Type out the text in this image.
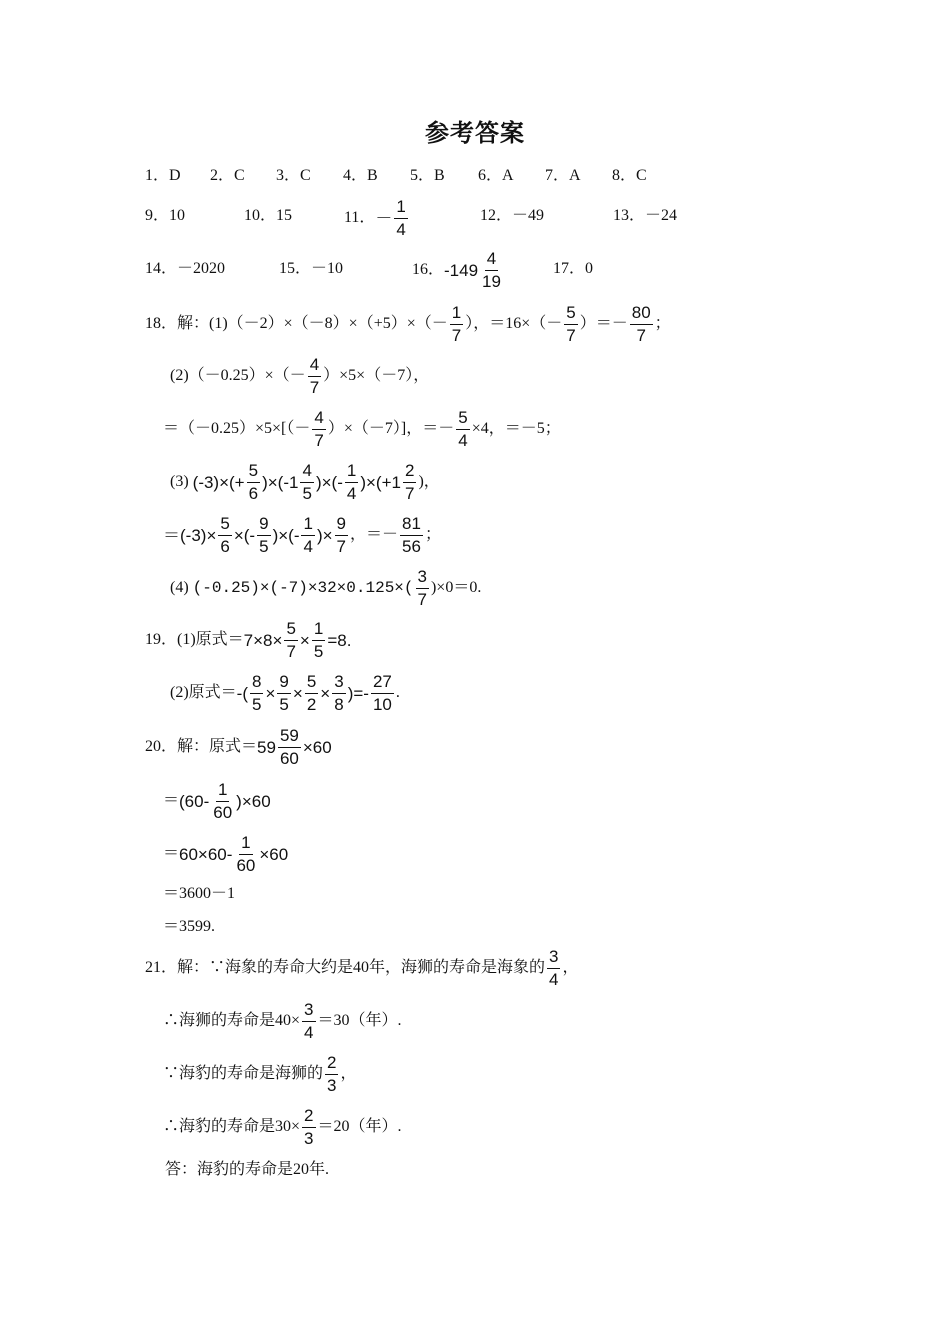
参考答案
1．D 2．C 3．C 4．B 5．B 6．A 7．A 8．C
9．10	10．15	11． － $\frac{1}{4}$	12．－49	13．－24
14．－2020	15．－10	16． $-149 \frac{4}{19}$	17．0
18．解：$(1)(-2)\times(-8)\times(+5)\times(- \frac{1}{7}$ ），$=16\times(- \frac{5}{7}$ ）＝－ $\frac{80}{7}$ ；
$(2)(-0.25)\times(- \frac{4}{7} )\times 5\times(-7)$，
$=(-0.25)\times 5\times[(- \frac{4}{7} )\times(-7)]$，＝－ $\frac{5}{4} \times 4$，＝－5；
(3) $(-3)\times(+ \frac{5}{6} )\times(-1 \frac{4}{5}$ )×(- $\frac{1}{4} )\times(+1 \frac{2}{7}$ )，
$=(-3)\times \frac{5}{6}$ ×(- $\frac{9}{5}$ )×(- $\frac{1}{4}$ )× $\frac{9}{7}$ ，＝－ $\frac{81}{56}$ ；
(4) $(-0.25)\times(-7)\times 32\times 0.125\times( \frac{3}{7} )\times 0=0$.
19．(1)原式＝ $7\times 8\times \frac{5}{7} \times \frac{1}{5} =8$.
(2)原式＝ -( $\frac{8}{5} \times \frac{9}{5} \times \frac{5}{2} \times \frac{3}{8}$ )=- $\frac{27}{10}$ .
20．解：原式＝ $59 \frac{59}{60} \times 60$
＝ $(60- \frac{1}{60} )\times 60$
＝ $60\times 60- \frac{1}{60} \times 60$
＝3600－1
＝3599.
21．解：∵海象的寿命大约是40年，海狮的寿命是海象的 $\frac{3}{4}$ ，
∴海狮的寿命是$40\times \frac{3}{4} =30$（年）.
∵海豹的寿命是海狮的 $\frac{2}{3}$ ，
∴海豹的寿命是$30\times \frac{2}{3} =20$（年）.
答：海豹的寿命是20年.
